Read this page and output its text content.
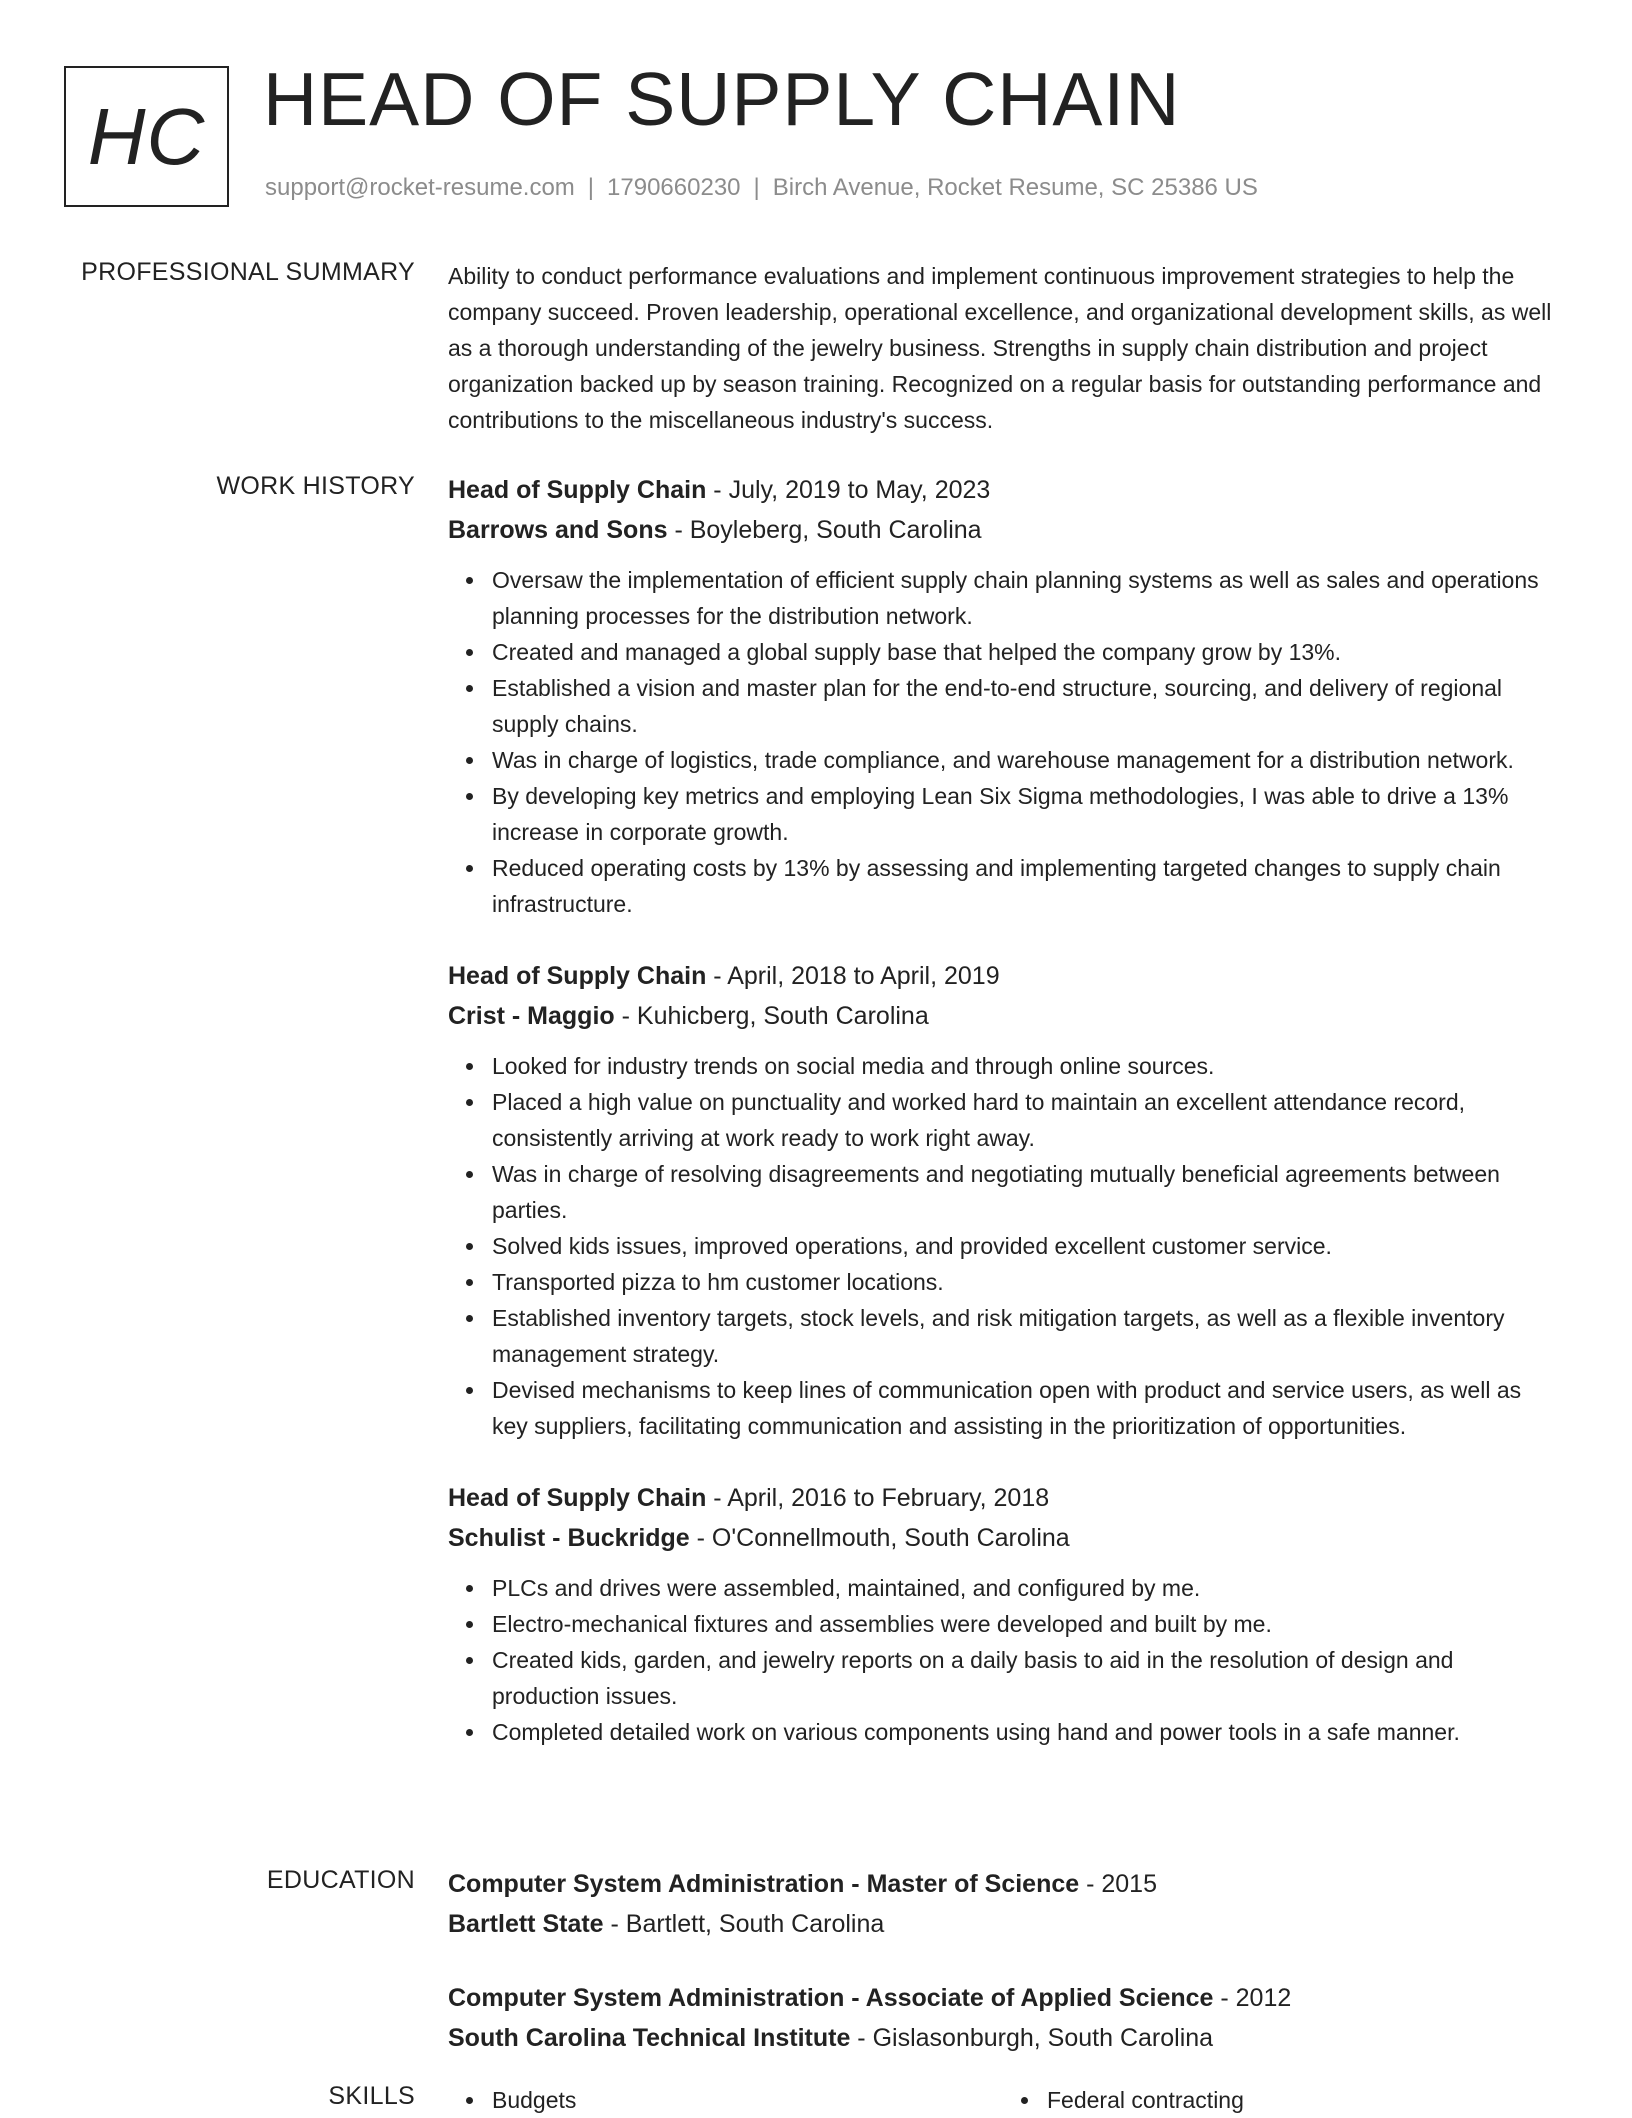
HC HEAD OF SUPPLY CHAIN
support@rocket-resume.com | 1790660230 | Birch Avenue, Rocket Resume, SC 25386 US
PROFESSIONAL SUMMARY Ability to conduct performance evaluations and implement continuous improvement strategies to help the company succeed. Proven leadership, operational excellence, and organizational development skills, as well as a thorough understanding of the jewelry business. Strengths in supply chain distribution and project organization backed up by season training. Recognized on a regular basis for outstanding performance and contributions to the miscellaneous industry's success.
WORK HISTORY Head of Supply Chain - July, 2019 to May, 2023
Barrows and Sons - Boyleberg, South Carolina
Oversaw the implementation of efficient supply chain planning systems as well as sales and operations planning processes for the distribution network.
Created and managed a global supply base that helped the company grow by 13%.
Established a vision and master plan for the end-to-end structure, sourcing, and delivery of regional supply chains.
Was in charge of logistics, trade compliance, and warehouse management for a distribution network.
By developing key metrics and employing Lean Six Sigma methodologies, I was able to drive a 13% increase in corporate growth.
Reduced operating costs by 13% by assessing and implementing targeted changes to supply chain infrastructure.
Head of Supply Chain - April, 2018 to April, 2019
Crist - Maggio - Kuhicberg, South Carolina
Looked for industry trends on social media and through online sources.
Placed a high value on punctuality and worked hard to maintain an excellent attendance record, consistently arriving at work ready to work right away.
Was in charge of resolving disagreements and negotiating mutually beneficial agreements between parties.
Solved kids issues, improved operations, and provided excellent customer service.
Transported pizza to hm customer locations.
Established inventory targets, stock levels, and risk mitigation targets, as well as a flexible inventory management strategy.
Devised mechanisms to keep lines of communication open with product and service users, as well as key suppliers, facilitating communication and assisting in the prioritization of opportunities.
Head of Supply Chain - April, 2016 to February, 2018
Schulist - Buckridge - O'Connellmouth, South Carolina
PLCs and drives were assembled, maintained, and configured by me.
Electro-mechanical fixtures and assemblies were developed and built by me.
Created kids, garden, and jewelry reports on a daily basis to aid in the resolution of design and production issues.
Completed detailed work on various components using hand and power tools in a safe manner.
EDUCATION Computer System Administration - Master of Science - 2015
Bartlett State - Bartlett, South Carolina
Computer System Administration - Associate of Applied Science - 2012
South Carolina Technical Institute - Gislasonburgh, South Carolina
SKILLS	Budgets	Federal contracting
